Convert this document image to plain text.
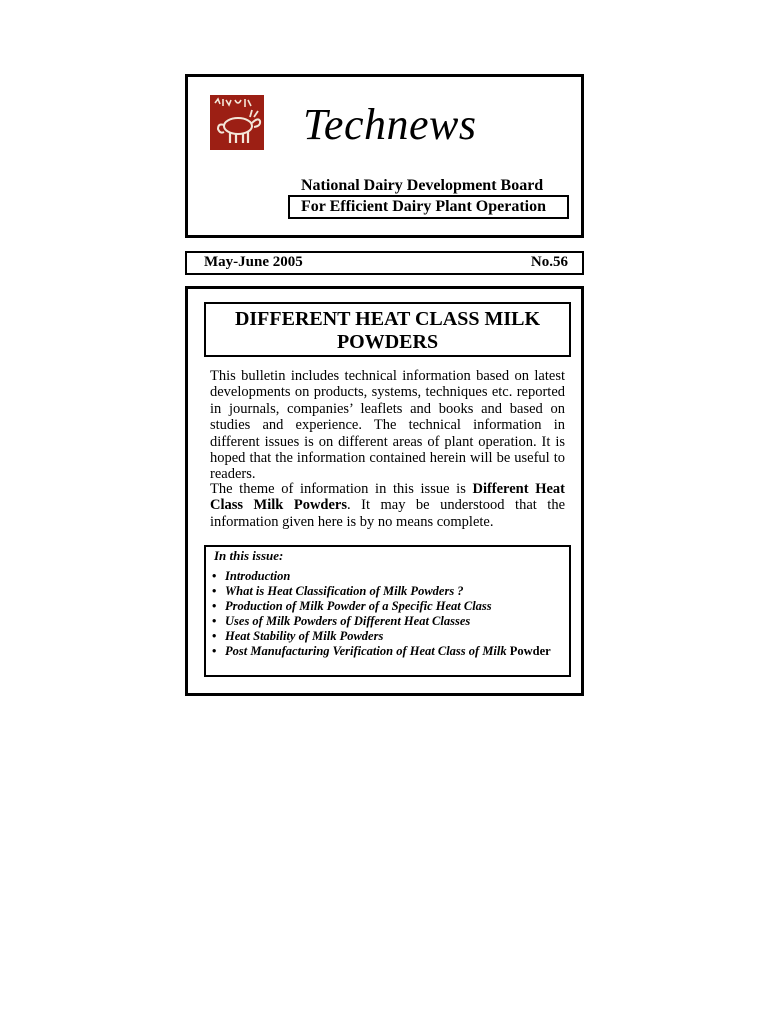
Technews
National Dairy Development Board
For Efficient Dairy Plant Operation
May-June 2005	No.56
DIFFERENT HEAT CLASS MILK
POWDERS
This bulletin includes technical information based on latest developments on products, systems, techniques etc. reported in journals, companies’ leaflets and books and based on studies and experience. The technical information in different issues is on different areas of plant operation. It is hoped that the information contained herein will be useful to readers.
The theme of information in this issue is Different Heat Class Milk Powders. It may be understood that the information given here is by no means complete.
In this issue:
• Introduction
• What is Heat Classification of Milk Powders ?
• Production of Milk Powder of a Specific Heat Class
• Uses of Milk Powders of Different Heat Classes
• Heat Stability of Milk Powders
• Post Manufacturing Verification of Heat Class of Milk Powder
